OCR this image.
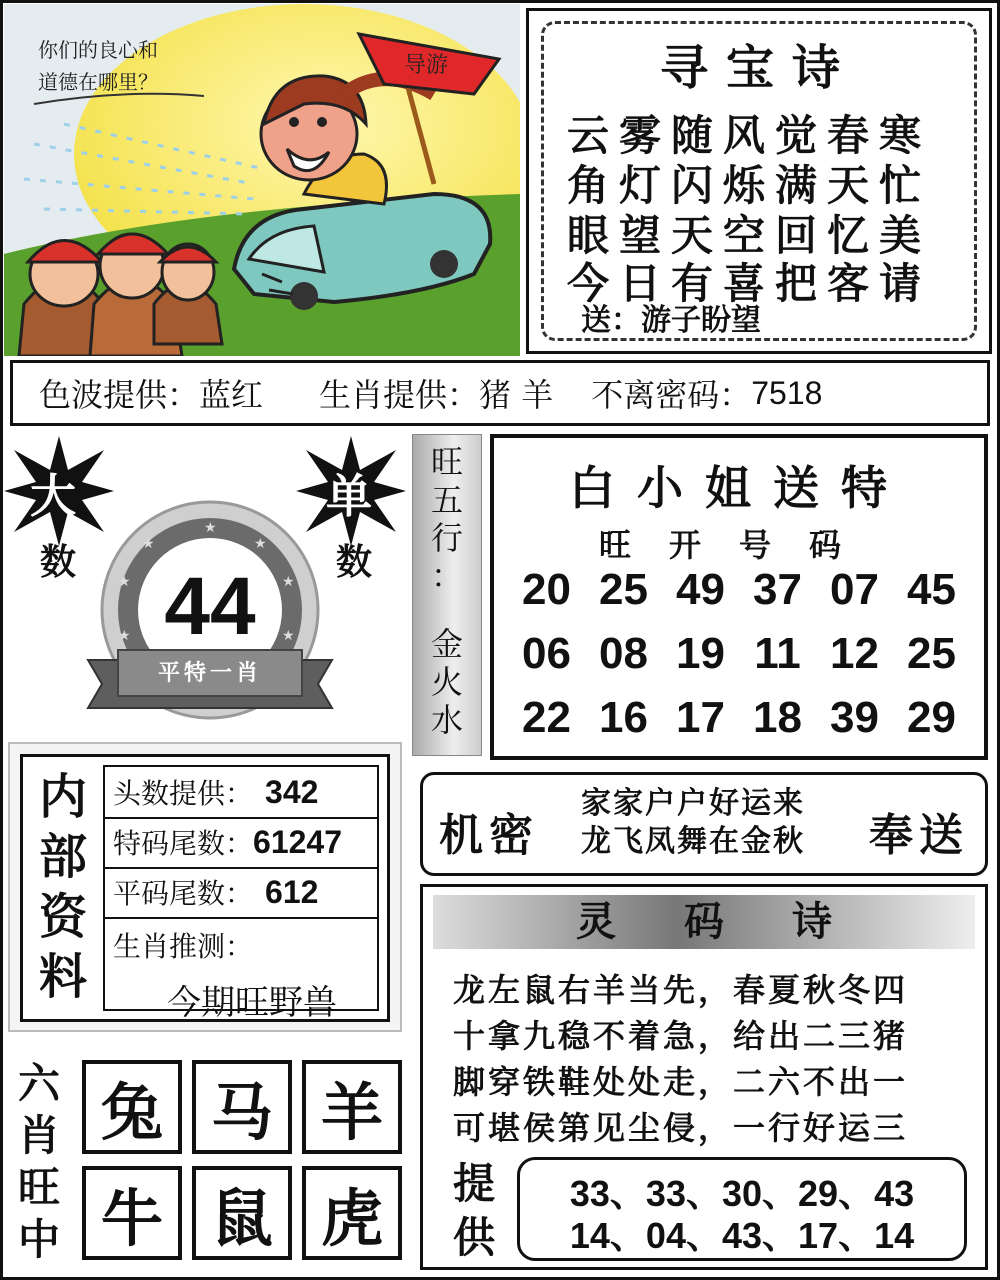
导游
你们的良心和
道德在哪里？	寻宝诗
云雾随风觉春寒
角灯闪烁满天忙
眼望天空回忆美
今日有喜把客请
送：游子盼望
色波提供： 蓝红 生肖提供： 猪 羊 不离密码： 7518
大
数
单
数
★
★
★
★
★
★
★ 44
平特一肖
旺
五
行
：
金
火
水
白小姐送特
旺开号码
20 25 49 37 07 45
06 08 19 11 12 25
22 16 17 18 39 29
内
部
资
料
头数提供： 342
特码尾数： 61247
平码尾数： 612
生肖推测：
今期旺野兽
机密
家家户户好运来
龙飞凤舞在金秋 奉送
灵码诗
龙左鼠右羊当先，春夏秋冬四
十拿九稳不着急，给出二三猪
脚穿铁鞋处处走，二六不出一
可堪侯第见尘侵，一行好运三
提
供
33、33、30、29、43
14、04、43、17、14
六
肖
旺
中
兔 马 羊
牛 鼠 虎
